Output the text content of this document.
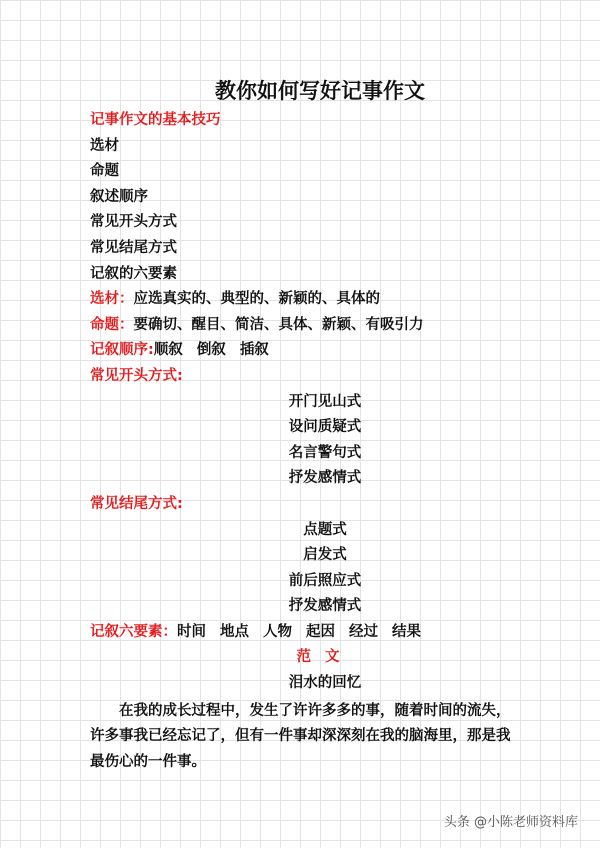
教你如何写好记事作文
记事作文的基本技巧
选材
命题
叙述顺序
常见开头方式
常见结尾方式
记叙的六要素
选材：应选真实的、典型的、新颖的、具体的
命题：要确切、醒目、简洁、具体、新颖、有吸引力
记叙顺序:顺叙 倒叙 插叙
常见开头方式:
开门见山式
设问质疑式
名言警句式
抒发感情式
常见结尾方式:
点题式
启发式
前后照应式
抒发感情式
记叙六要素：时间 地点 人物 起因 经过 结果
范文
泪水的回忆
在我的成长过程中，发生了许许多多的事，随着时间的流失，许多事我已经忘记了，但有一件事却深深刻在我的脑海里，那是我最伤心的一件事。
头条 @小陈老师资料库
